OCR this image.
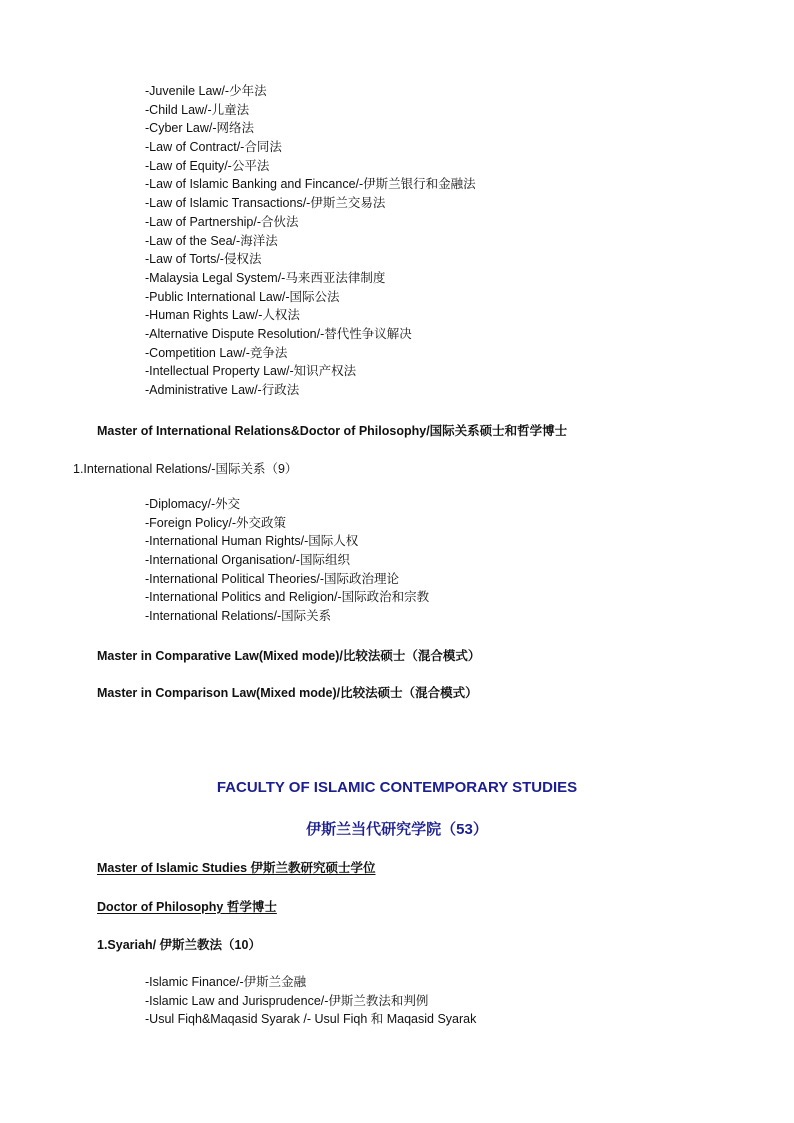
-Juvenile Law/-少年法
-Child Law/-儿童法
-Cyber Law/-网络法
-Law of Contract/-合同法
-Law of Equity/-公平法
-Law of Islamic Banking and Fincance/-伊斯兰银行和金融法
-Law of Islamic Transactions/-伊斯兰交易法
-Law of Partnership/-合伙法
-Law of the Sea/-海洋法
-Law of Torts/-侵权法
-Malaysia Legal System/-马来西亚法律制度
-Public International Law/-国际公法
-Human Rights Law/-人权法
-Alternative Dispute Resolution/-替代性争议解决
-Competition Law/-竞争法
-Intellectual Property Law/-知识产权法
-Administrative Law/-行政法

Master of International Relations&Doctor of Philosophy/国际关系硕士和哲学博士

1.International Relations/-国际关系（9）

-Diplomacy/-外交
-Foreign Policy/-外交政策
-International Human Rights/-国际人权
-International Organisation/-国际组织
-International Political Theories/-国际政治理论
-International Politics and Religion/-国际政治和宗教
-International Relations/-国际关系

Master in Comparative Law(Mixed mode)/比较法硕士（混合模式）

Master in Comparison Law(Mixed mode)/比较法硕士（混合模式）

FACULTY OF ISLAMIC CONTEMPORARY STUDIES

伊斯兰当代研究学院（53）

Master of Islamic Studies 伊斯兰教研究硕士学位

Doctor of Philosophy 哲学博士

1.Syariah/ 伊斯兰教法（10）

-Islamic Finance/-伊斯兰金融
-Islamic Law and Jurisprudence/-伊斯兰教法和判例
-Usul Fiqh&Maqasid Syarak /- Usul Fiqh 和 Maqasid Syarak
